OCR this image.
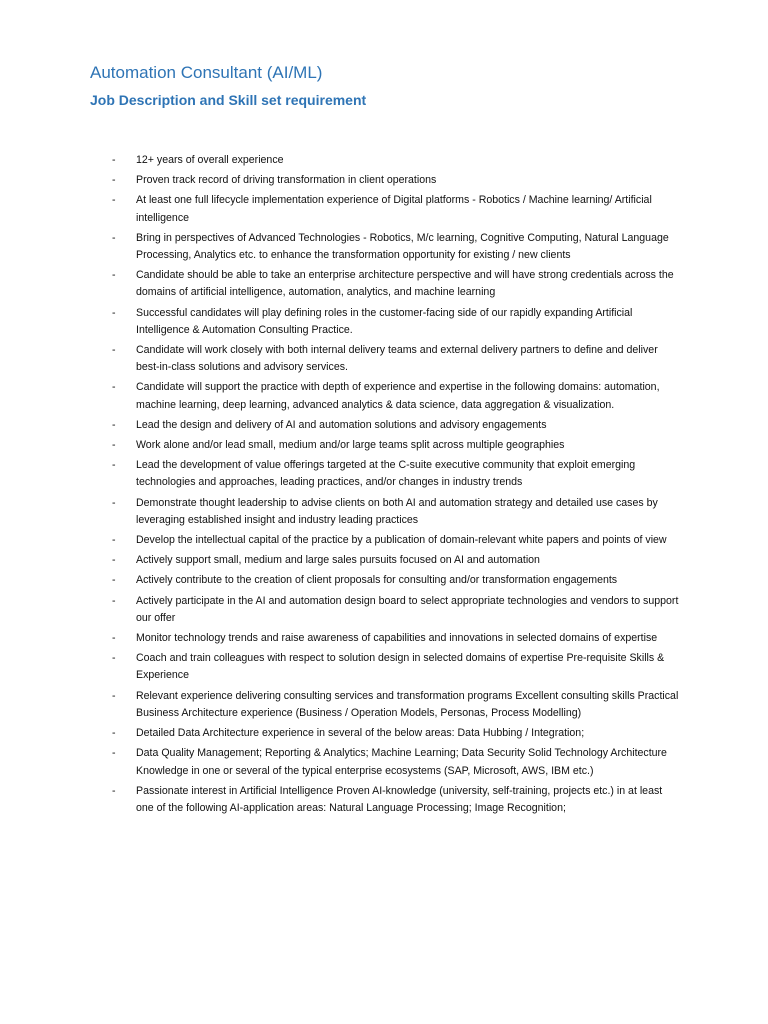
Automation Consultant (AI/ML)
Job Description and Skill set requirement
- 12+ years of overall experience
- Proven track record of driving transformation in client operations
- At least one full lifecycle implementation experience of Digital platforms - Robotics / Machine learning/ Artificial intelligence
- Bring in perspectives of Advanced Technologies - Robotics, M/c learning, Cognitive Computing, Natural Language Processing, Analytics etc. to enhance the transformation opportunity for existing / new clients
- Candidate should be able to take an enterprise architecture perspective and will have strong credentials across the domains of artificial intelligence, automation, analytics, and machine learning
- Successful candidates will play defining roles in the customer-facing side of our rapidly expanding Artificial Intelligence & Automation Consulting Practice.
- Candidate will work closely with both internal delivery teams and external delivery partners to define and deliver best-in-class solutions and advisory services.
- Candidate will support the practice with depth of experience and expertise in the following domains: automation, machine learning, deep learning, advanced analytics & data science, data aggregation & visualization.
- Lead the design and delivery of AI and automation solutions and advisory engagements
- Work alone and/or lead small, medium and/or large teams split across multiple geographies
- Lead the development of value offerings targeted at the C-suite executive community that exploit emerging technologies and approaches, leading practices, and/or changes in industry trends
- Demonstrate thought leadership to advise clients on both AI and automation strategy and detailed use cases by leveraging established insight and industry leading practices
- Develop the intellectual capital of the practice by a publication of domain-relevant white papers and points of view
- Actively support small, medium and large sales pursuits focused on AI and automation
- Actively contribute to the creation of client proposals for consulting and/or transformation engagements
- Actively participate in the AI and automation design board to select appropriate technologies and vendors to support our offer
- Monitor technology trends and raise awareness of capabilities and innovations in selected domains of expertise
- Coach and train colleagues with respect to solution design in selected domains of expertise Pre-requisite Skills & Experience
- Relevant experience delivering consulting services and transformation programs Excellent consulting skills Practical Business Architecture experience (Business / Operation Models, Personas, Process Modelling)
- Detailed Data Architecture experience in several of the below areas: Data Hubbing / Integration;
- Data Quality Management; Reporting & Analytics; Machine Learning; Data Security Solid Technology Architecture Knowledge in one or several of the typical enterprise ecosystems (SAP, Microsoft, AWS, IBM etc.)
- Passionate interest in Artificial Intelligence Proven AI-knowledge (university, self-training, projects etc.) in at least one of the following AI-application areas: Natural Language Processing; Image Recognition;
